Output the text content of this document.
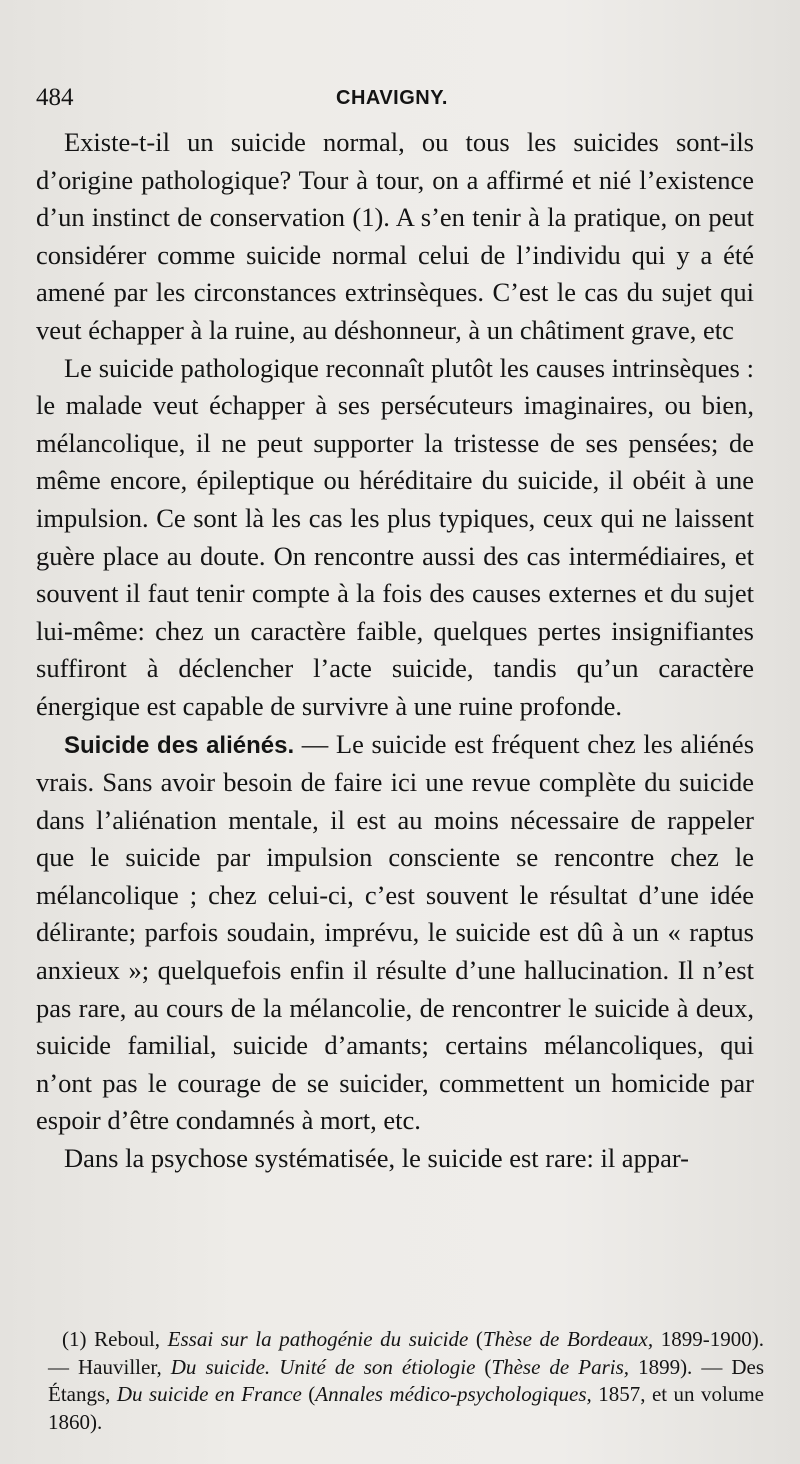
484	CHAVIGNY.

Existe-t-il un suicide normal, ou tous les suicides sont-ils d’origine pathologique? Tour à tour, on a affirmé et nié l’existence d’un instinct de conservation (1). A s’en tenir à la pratique, on peut considérer comme suicide normal celui de l’individu qui y a été amené par les circonstances extrinsèques. C’est le cas du sujet qui veut échapper à la ruine, au déshonneur, à un châtiment grave, etc

Le suicide pathologique reconnaît plutôt les causes intrinsèques : le malade veut échapper à ses persécuteurs imaginaires, ou bien, mélancolique, il ne peut supporter la tristesse de ses pensées; de même encore, épileptique ou héréditaire du suicide, il obéit à une impulsion. Ce sont là les cas les plus typiques, ceux qui ne laissent guère place au doute. On rencontre aussi des cas intermédiaires, et souvent il faut tenir compte à la fois des causes externes et du sujet lui-même: chez un caractère faible, quelques pertes insignifiantes suffiront à déclencher l’acte suicide, tandis qu’un caractère énergique est capable de survivre à une ruine profonde.

Suicide des aliénés. — Le suicide est fréquent chez les aliénés vrais. Sans avoir besoin de faire ici une revue complète du suicide dans l’aliénation mentale, il est au moins nécessaire de rappeler que le suicide par impulsion consciente se rencontre chez le mélancolique ; chez celui-ci, c’est souvent le résultat d’une idée délirante; parfois soudain, imprévu, le suicide est dû à un « raptus anxieux »; quelquefois enfin il résulte d’une hallucination. Il n’est pas rare, au cours de la mélancolie, de rencontrer le suicide à deux, suicide familial, suicide d’amants; certains mélancoliques, qui n’ont pas le courage de se suicider, commettent un homicide par espoir d’être condamnés à mort, etc.

Dans la psychose systématisée, le suicide est rare: il appar-

(1) Reboul, Essai sur la pathogénie du suicide (Thèse de Bordeaux, 1899-1900). — Hauviller, Du suicide. Unité de son étiologie (Thèse de Paris, 1899). — Des Étangs, Du suicide en France (Annales médico-psychologiques, 1857, et un volume 1860).
